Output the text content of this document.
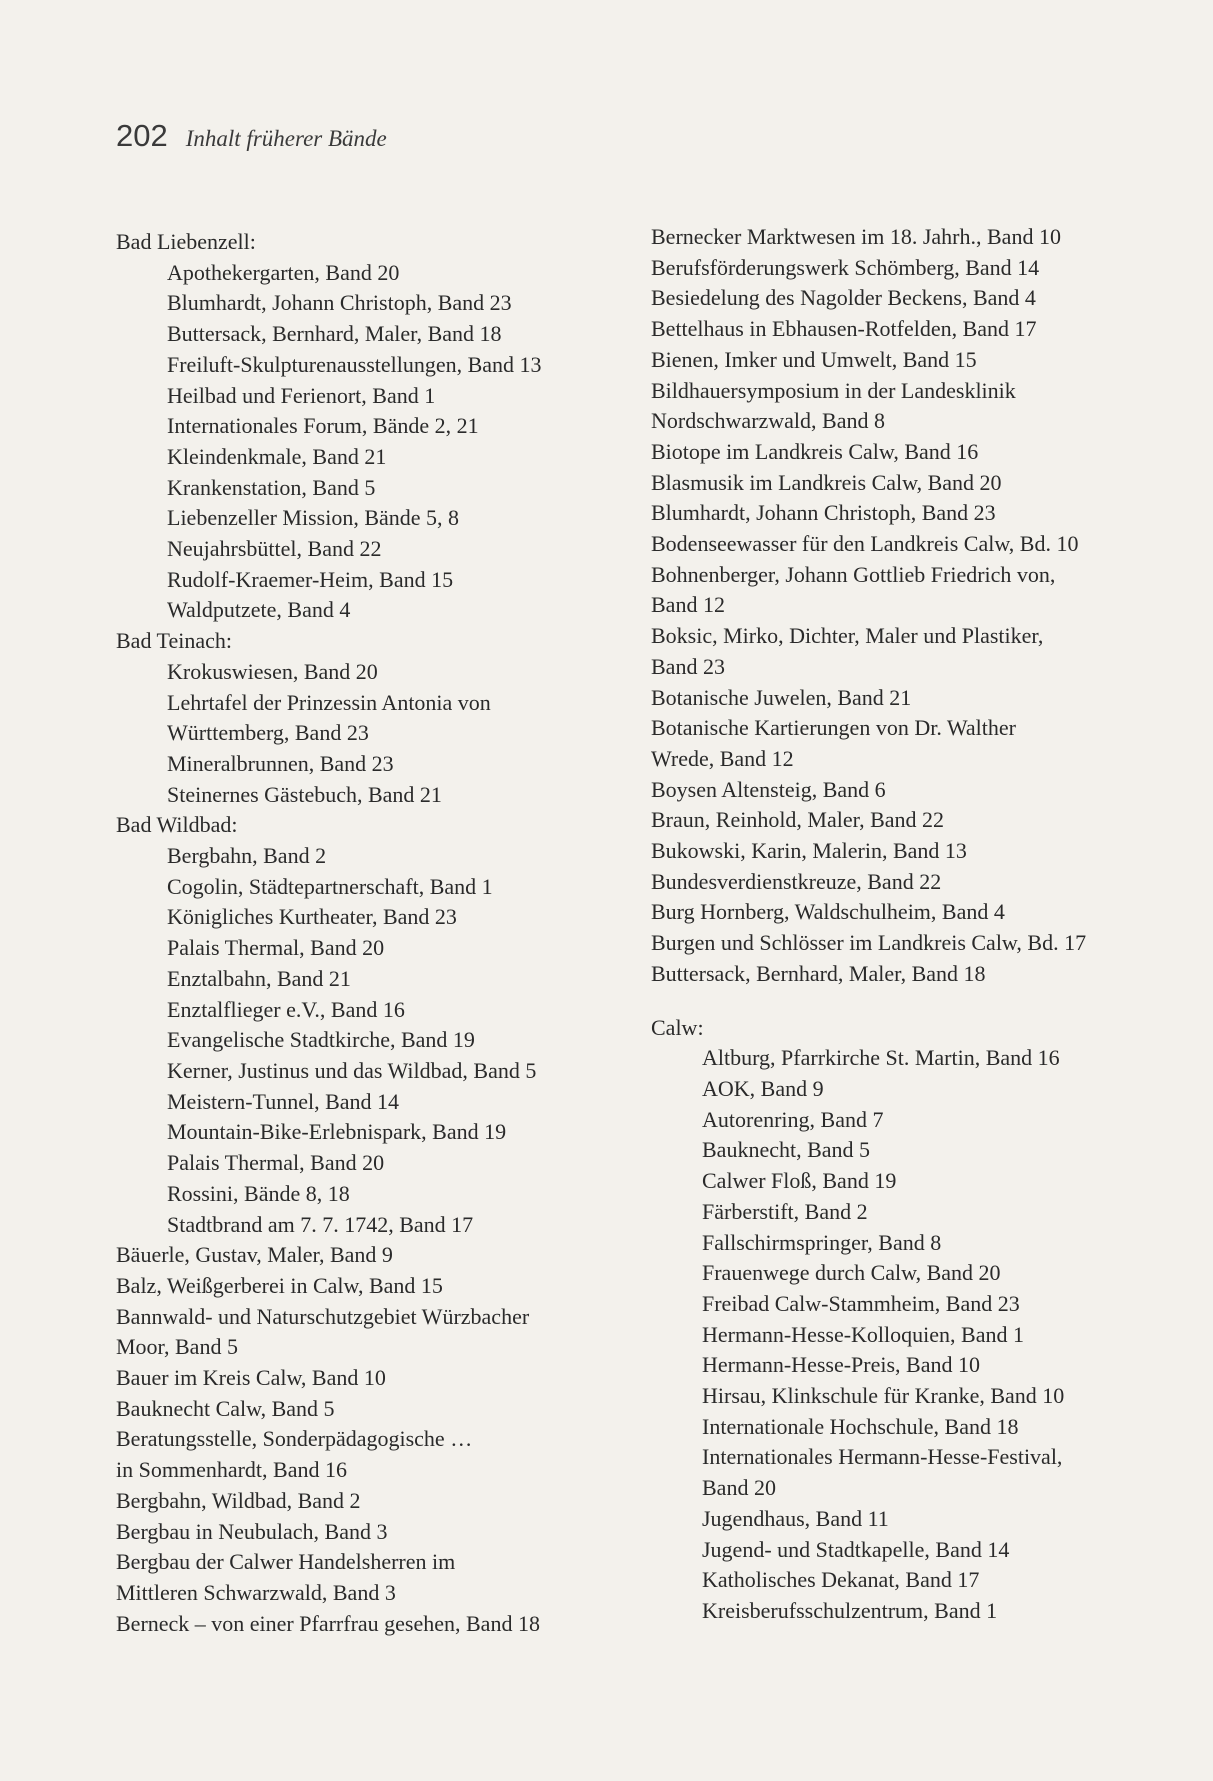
202 Inhalt früherer Bände
Bad Liebenzell:
Apothekergarten, Band 20
Blumhardt, Johann Christoph, Band 23
Buttersack, Bernhard, Maler, Band 18
Freiluft-Skulpturenausstellungen, Band 13
Heilbad und Ferienort, Band 1
Internationales Forum, Bände 2, 21
Kleindenkmale, Band 21
Krankenstation, Band 5
Liebenzeller Mission, Bände 5, 8
Neujahrsbüttel, Band 22
Rudolf-Kraemer-Heim, Band 15
Waldputzete, Band 4
Bad Teinach:
Krokuswiesen, Band 20
Lehrtafel der Prinzessin Antonia von
Württemberg, Band 23
Mineralbrunnen, Band 23
Steinernes Gästebuch, Band 21
Bad Wildbad:
Bergbahn, Band 2
Cogolin, Städtepartnerschaft, Band 1
Königliches Kurtheater, Band 23
Palais Thermal, Band 20
Enztalbahn, Band 21
Enztalflieger e.V., Band 16
Evangelische Stadtkirche, Band 19
Kerner, Justinus und das Wildbad, Band 5
Meistern-Tunnel, Band 14
Mountain-Bike-Erlebnispark, Band 19
Palais Thermal, Band 20
Rossini, Bände 8, 18
Stadtbrand am 7. 7. 1742, Band 17
Bäuerle, Gustav, Maler, Band 9
Balz, Weißgerberei in Calw, Band 15
Bannwald- und Naturschutzgebiet Würzbacher
Moor, Band 5
Bauer im Kreis Calw, Band 10
Bauknecht Calw, Band 5
Beratungsstelle, Sonderpädagogische …
in Sommenhardt, Band 16
Bergbahn, Wildbad, Band 2
Bergbau in Neubulach, Band 3
Bergbau der Calwer Handelsherren im
Mittleren Schwarzwald, Band 3
Berneck – von einer Pfarrfrau gesehen, Band 18
Bernecker Marktwesen im 18. Jahrh., Band 10
Berufsförderungswerk Schömberg, Band 14
Besiedelung des Nagolder Beckens, Band 4
Bettelhaus in Ebhausen-Rotfelden, Band 17
Bienen, Imker und Umwelt, Band 15
Bildhauersymposium in der Landesklinik
Nordschwarzwald, Band 8
Biotope im Landkreis Calw, Band 16
Blasmusik im Landkreis Calw, Band 20
Blumhardt, Johann Christoph, Band 23
Bodenseewasser für den Landkreis Calw, Bd. 10
Bohnenberger, Johann Gottlieb Friedrich von,
Band 12
Boksic, Mirko, Dichter, Maler und Plastiker,
Band 23
Botanische Juwelen, Band 21
Botanische Kartierungen von Dr. Walther
Wrede, Band 12
Boysen Altensteig, Band 6
Braun, Reinhold, Maler, Band 22
Bukowski, Karin, Malerin, Band 13
Bundesverdienstkreuze, Band 22
Burg Hornberg, Waldschulheim, Band 4
Burgen und Schlösser im Landkreis Calw, Bd. 17
Buttersack, Bernhard, Maler, Band 18
Calw:
Altburg, Pfarrkirche St. Martin, Band 16
AOK, Band 9
Autorenring, Band 7
Bauknecht, Band 5
Calwer Floß, Band 19
Färberstift, Band 2
Fallschirmspringer, Band 8
Frauenwege durch Calw, Band 20
Freibad Calw-Stammheim, Band 23
Hermann-Hesse-Kolloquien, Band 1
Hermann-Hesse-Preis, Band 10
Hirsau, Klinkschule für Kranke, Band 10
Internationale Hochschule, Band 18
Internationales Hermann-Hesse-Festival,
Band 20
Jugendhaus, Band 11
Jugend- und Stadtkapelle, Band 14
Katholisches Dekanat, Band 17
Kreisberufsschulzentrum, Band 1
